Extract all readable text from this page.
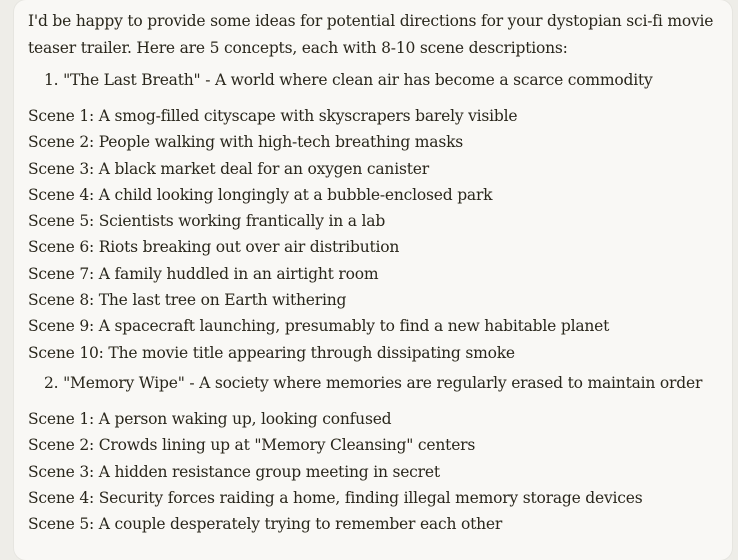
I'd be happy to provide some ideas for potential directions for your dystopian sci-fi movie teaser trailer. Here are 5 concepts, each with 8-10 scene descriptions:

1. "The Last Breath" - A world where clean air has become a scarce commodity

Scene 1: A smog-filled cityscape with skyscrapers barely visible
Scene 2: People walking with high-tech breathing masks
Scene 3: A black market deal for an oxygen canister
Scene 4: A child looking longingly at a bubble-enclosed park
Scene 5: Scientists working frantically in a lab
Scene 6: Riots breaking out over air distribution
Scene 7: A family huddled in an airtight room
Scene 8: The last tree on Earth withering
Scene 9: A spacecraft launching, presumably to find a new habitable planet
Scene 10: The movie title appearing through dissipating smoke

2. "Memory Wipe" - A society where memories are regularly erased to maintain order

Scene 1: A person waking up, looking confused
Scene 2: Crowds lining up at "Memory Cleansing" centers
Scene 3: A hidden resistance group meeting in secret
Scene 4: Security forces raiding a home, finding illegal memory storage devices
Scene 5: A couple desperately trying to remember each other
